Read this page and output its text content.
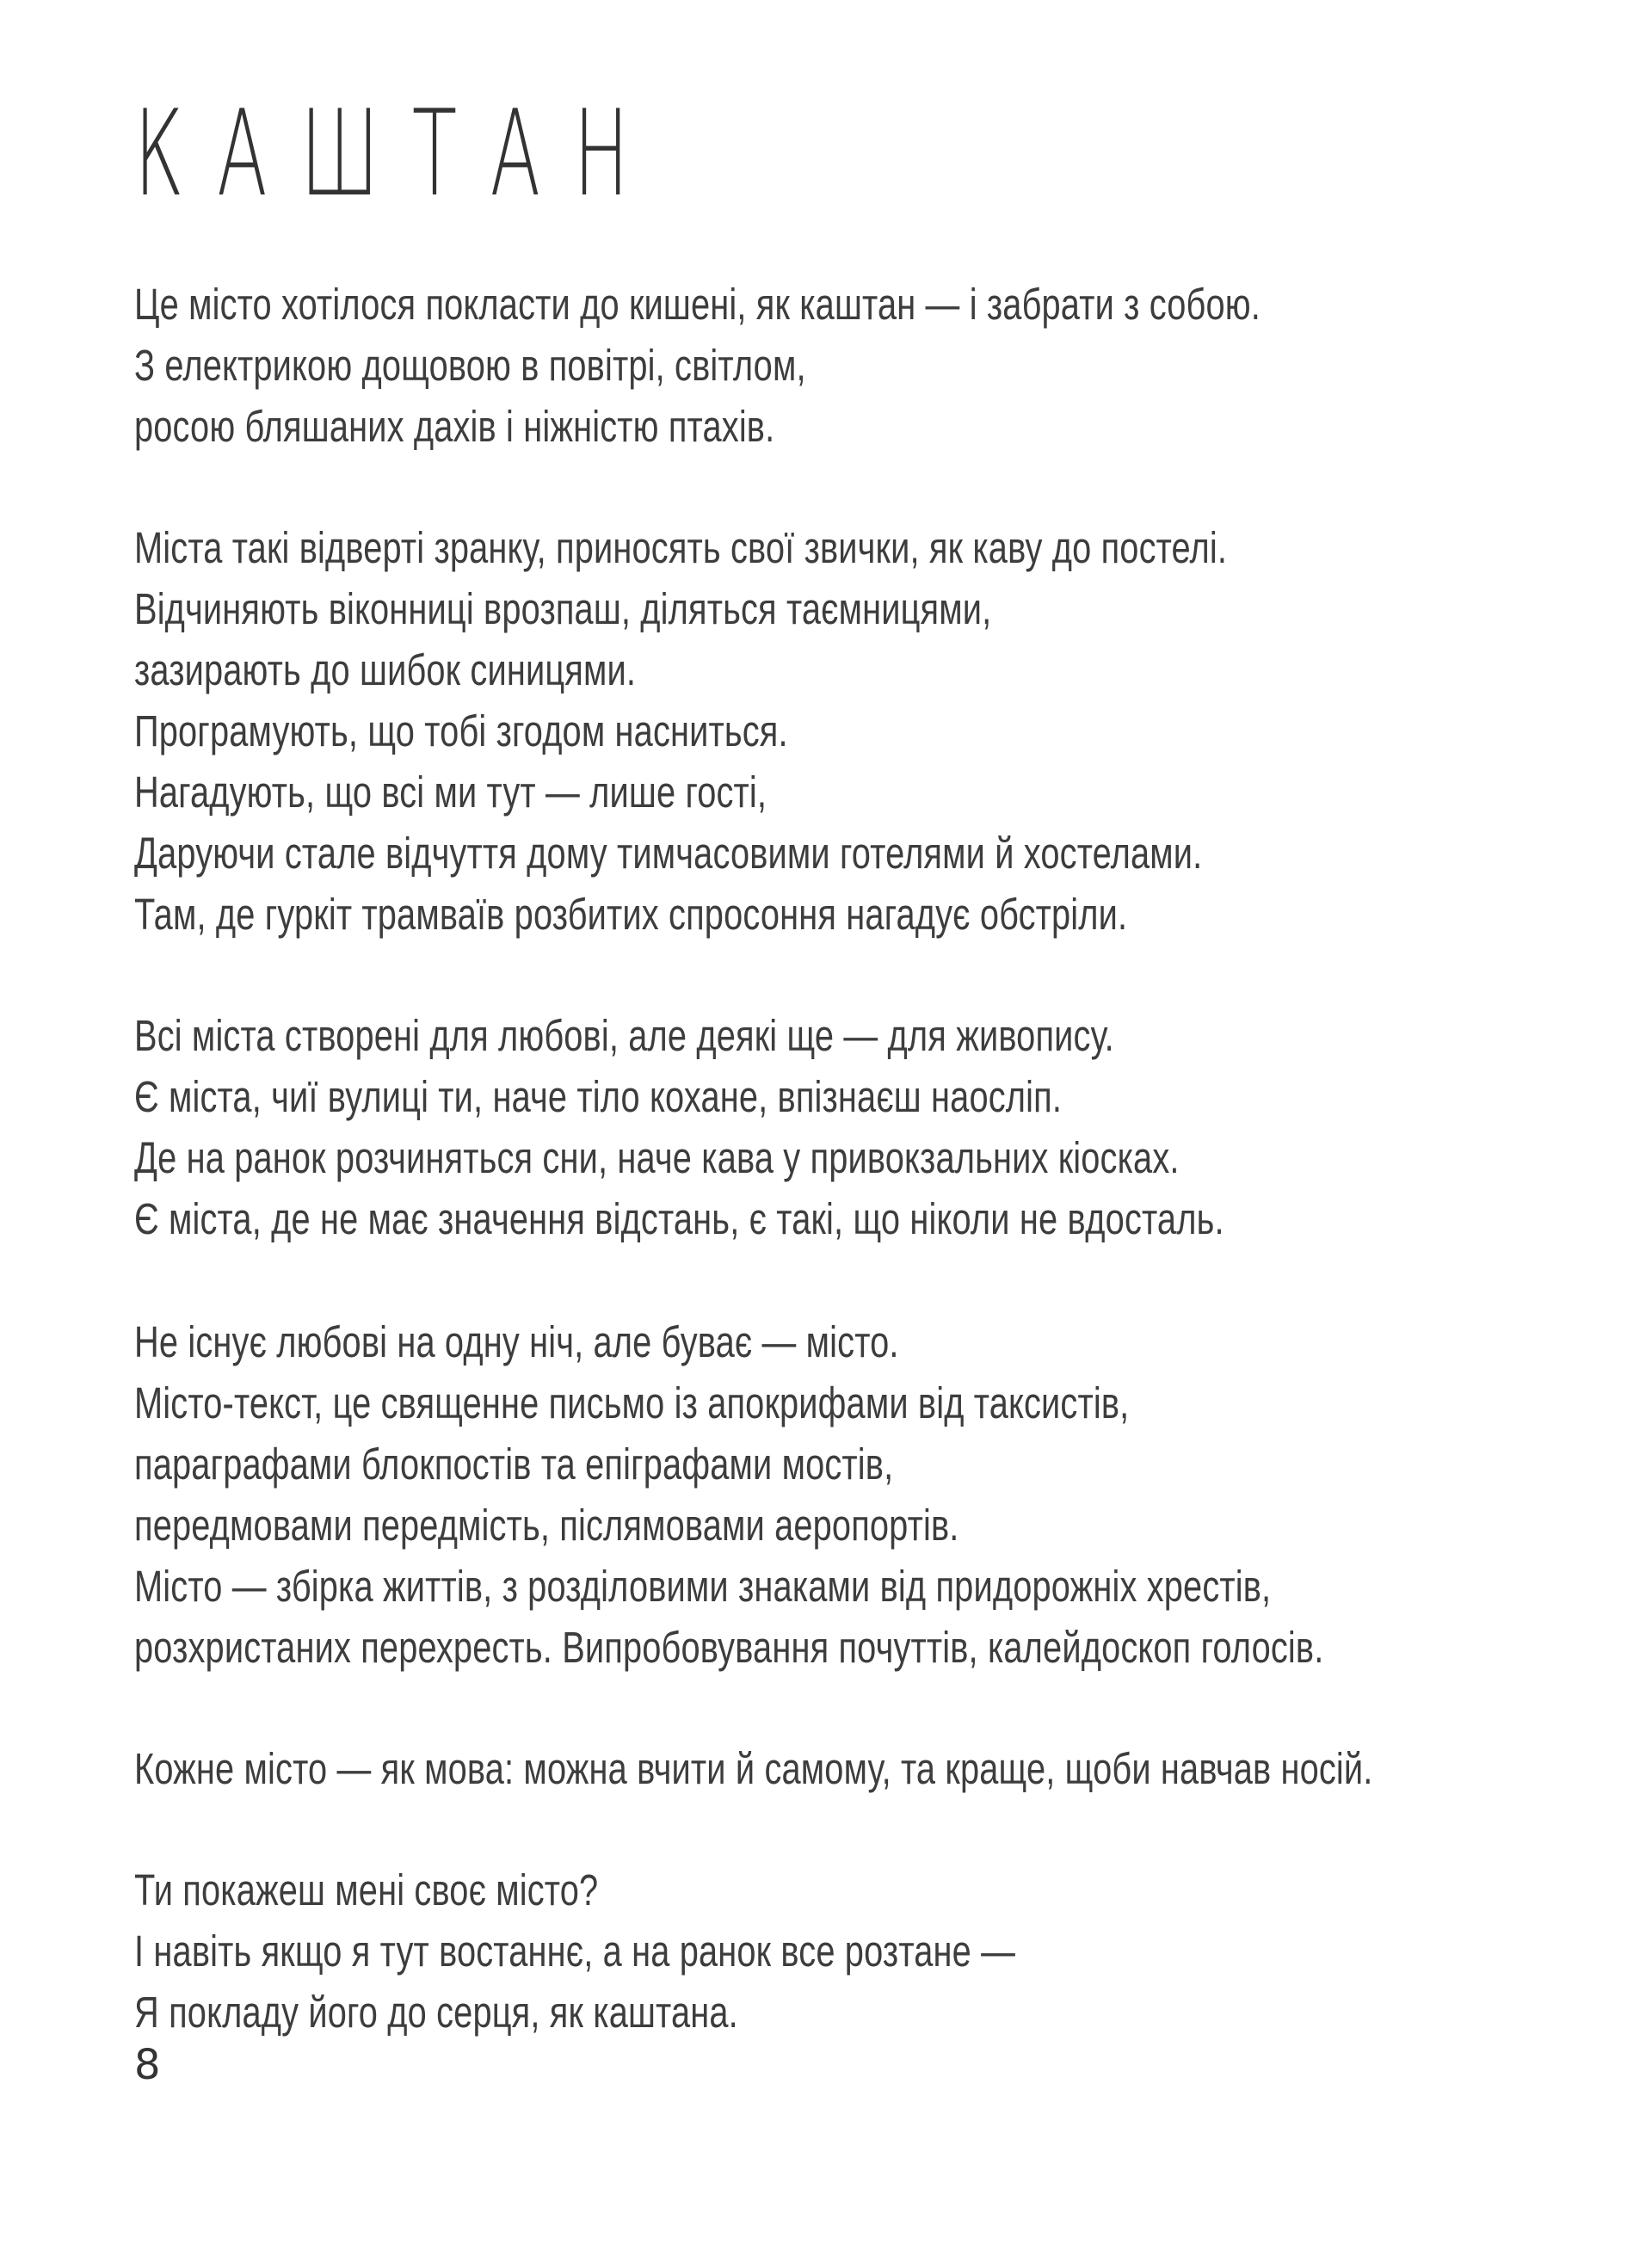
КАШТАН
Це місто хотілося покласти до кишені, як каштан — і забрати з собою.
З електрикою дощовою в повітрі, світлом,
росою бляшаних дахів і ніжністю птахів.
Міста такі відверті зранку, приносять свої звички, як каву до постелі.
Відчиняють віконниці врозпаш, діляться таємницями,
зазирають до шибок синицями.
Програмують, що тобі згодом насниться.
Нагадують, що всі ми тут — лише гості,
Даруючи стале відчуття дому тимчасовими готелями й хостелами.
Там, де гуркіт трамваїв розбитих спросоння нагадує обстріли.
Всі міста створені для любові, але деякі ще — для живопису.
Є міста, чиї вулиці ти, наче тіло кохане, впізнаєш наосліп.
Де на ранок розчиняться сни, наче кава у привокзальних кіосках.
Є міста, де не має значення відстань, є такі, що ніколи не вдосталь.
Не існує любові на одну ніч, але буває — місто.
Місто-текст, це священне письмо із апокрифами від таксистів,
параграфами блокпостів та епіграфами мостів,
передмовами передмість, післямовами аеропортів.
Місто — збірка життів, з розділовими знаками від придорожніх хрестів,
розхристаних перехресть. Випробовування почуттів, калейдоскоп голосів.
Кожне місто — як мова: можна вчити й самому, та краще, щоби навчав носій.
Ти покажеш мені своє місто?
І навіть якщо я тут востаннє, а на ранок все розтане —
Я покладу його до серця, як каштана.
8
